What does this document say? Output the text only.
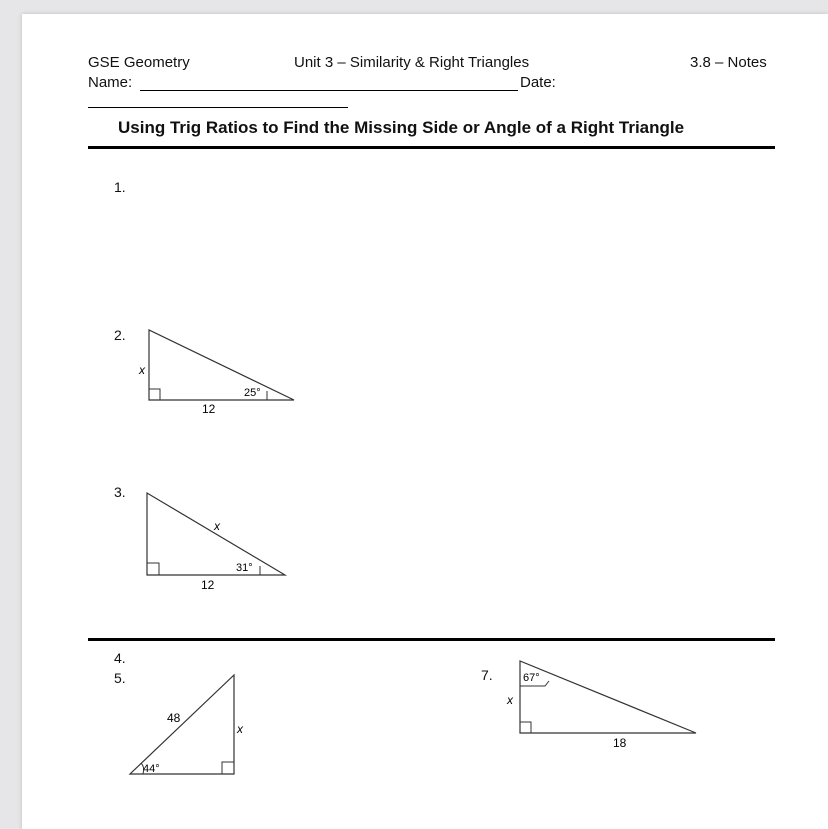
GSE Geometry	Unit 3 – Similarity & Right Triangles	3.8 – Notes
Name:	Date:
Using Trig Ratios to Find the Missing Side or Angle of a Right Triangle
1.
2.
3.
4.
5.	7.
x
12
25°
x
12
31°
48
x
44°
67°
x
18
